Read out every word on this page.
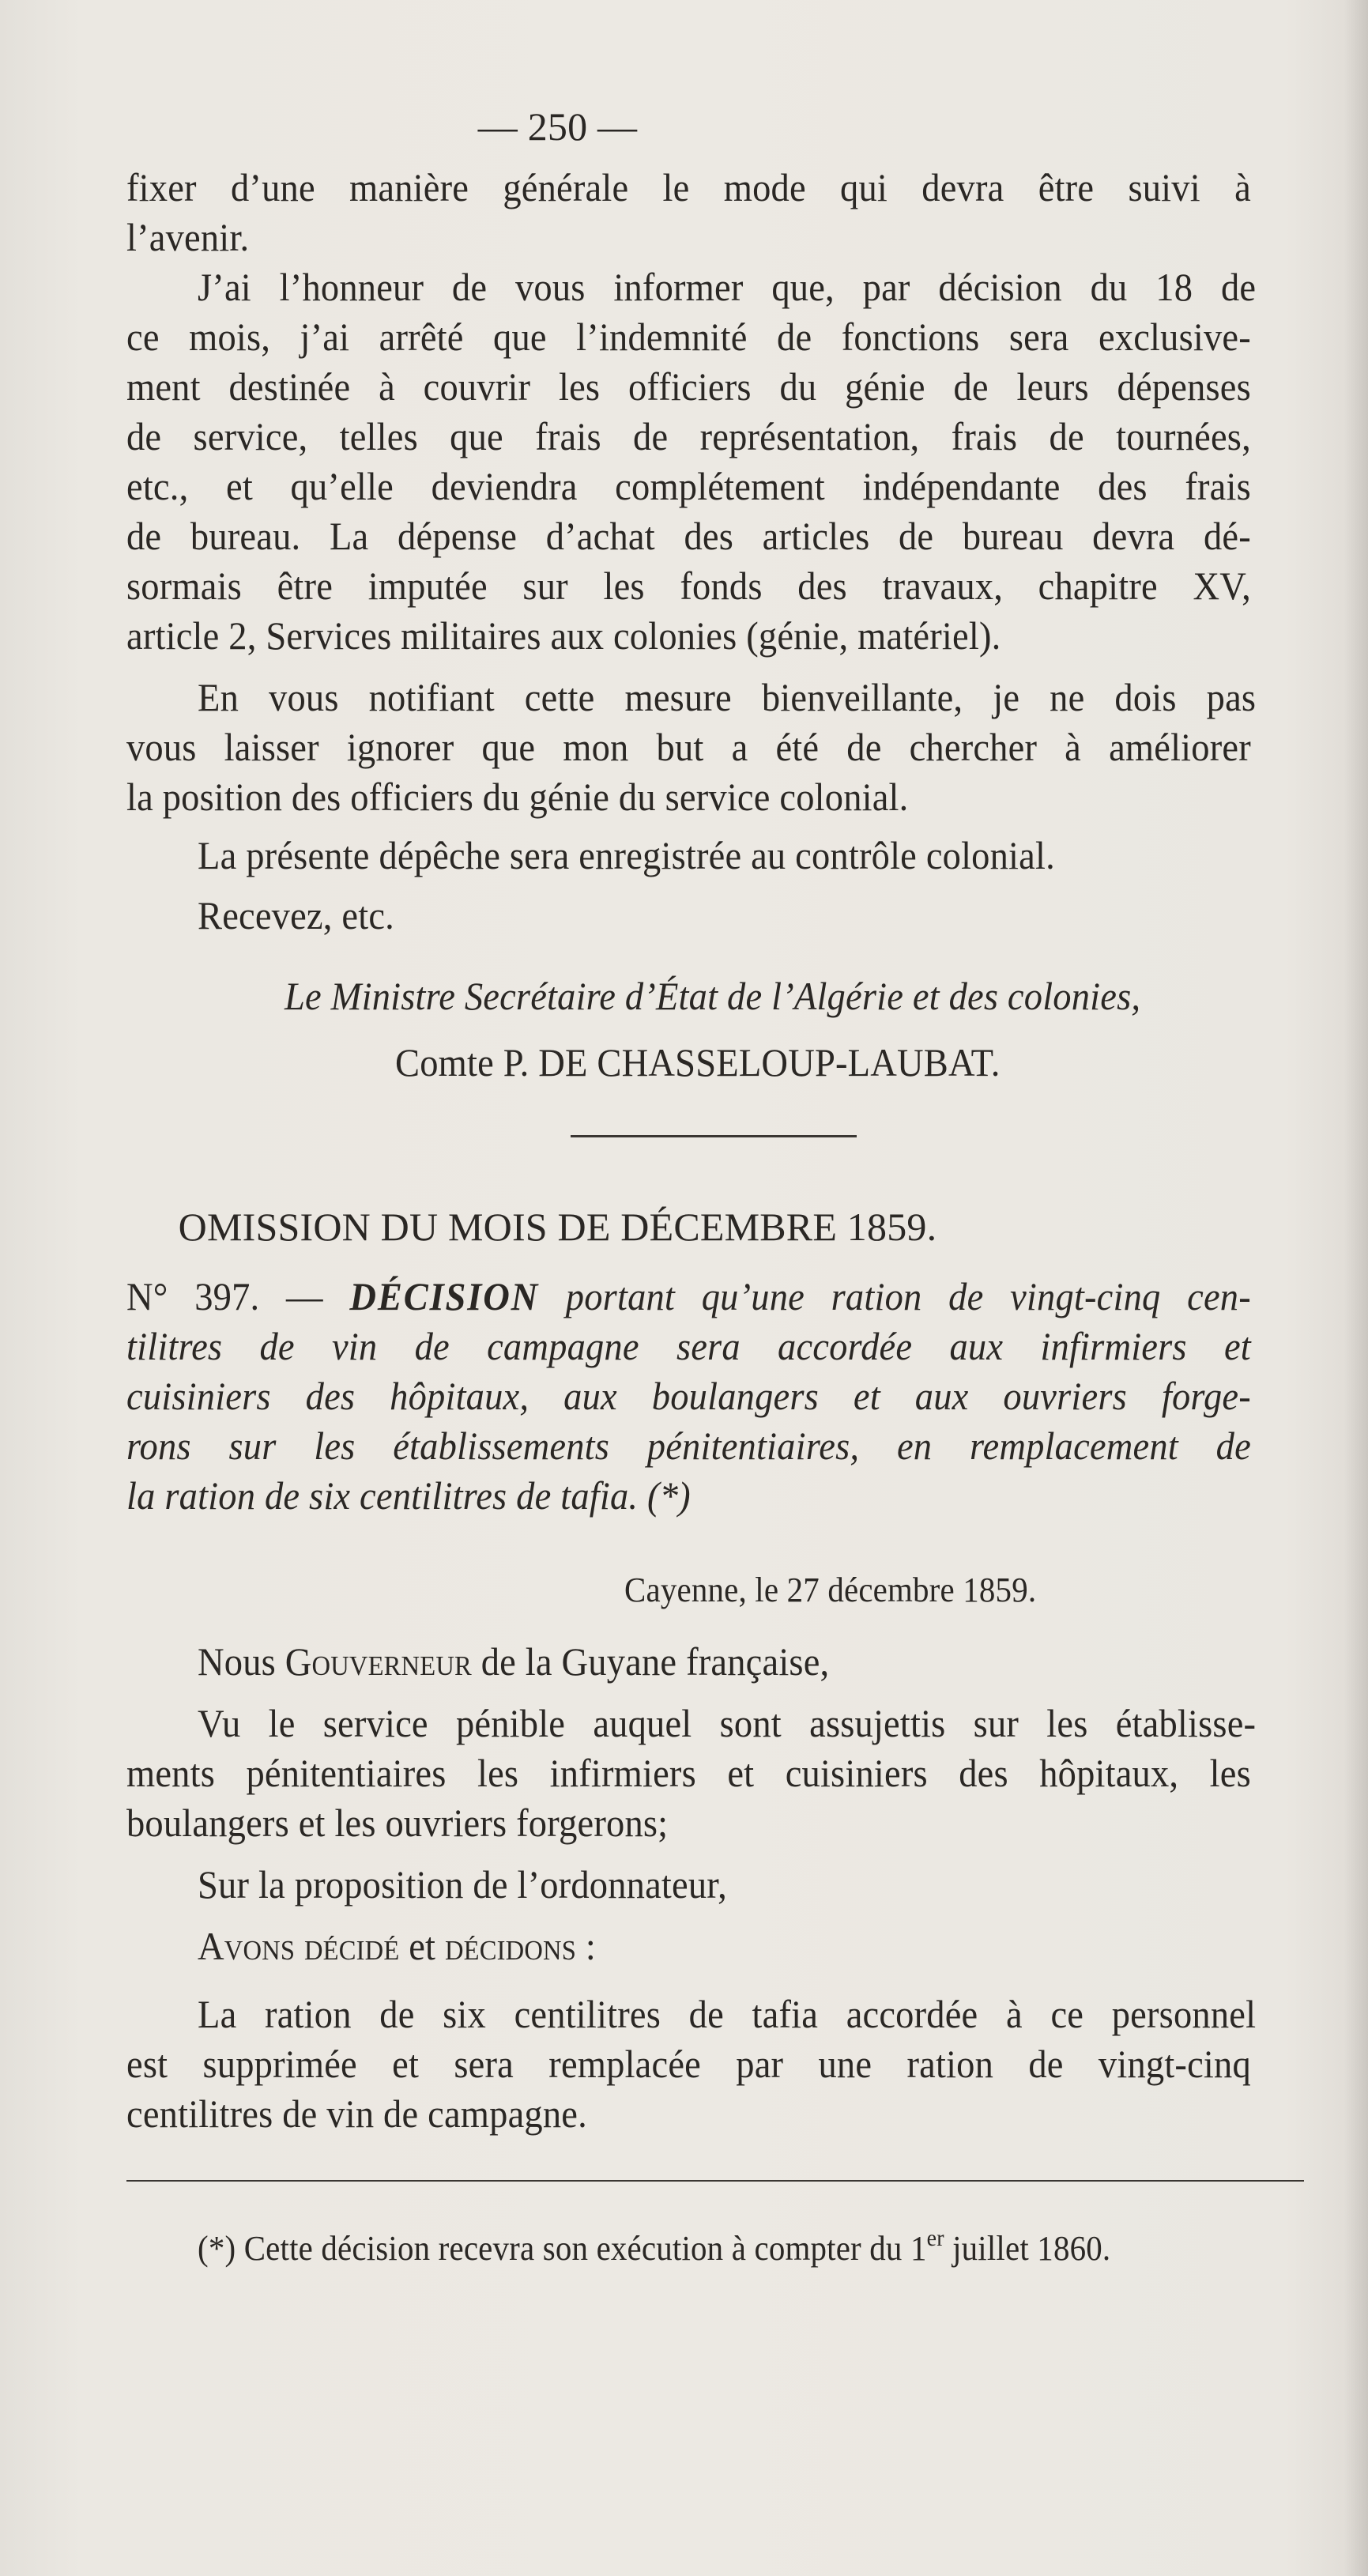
— 250 —
fixer d’une manière générale le mode qui devra être suivi à
l’avenir.
J’ai l’honneur de vous informer que, par décision du 18 de
ce mois, j’ai arrêté que l’indemnité de fonctions sera exclusive-
ment destinée à couvrir les officiers du génie de leurs dépenses
de service, telles que frais de représentation, frais de tournées,
etc., et qu’elle deviendra complétement indépendante des frais
de bureau. La dépense d’achat des articles de bureau devra dé-
sormais être imputée sur les fonds des travaux, chapitre XV,
article 2, Services militaires aux colonies (génie, matériel).
En vous notifiant cette mesure bienveillante, je ne dois pas
vous laisser ignorer que mon but a été de chercher à améliorer
la position des officiers du génie du service colonial.
La présente dépêche sera enregistrée au contrôle colonial.
Recevez, etc.
Le Ministre Secrétaire d’État de l’Algérie et des colonies,
Comte P. DE CHASSELOUP-LAUBAT.
OMISSION DU MOIS DE DÉCEMBRE 1859.
N° 397. — DÉCISION portant qu’une ration de vingt-cinq cen-
tilitres de vin de campagne sera accordée aux infirmiers et
cuisiniers des hôpitaux, aux boulangers et aux ouvriers forge-
rons sur les établissements pénitentiaires, en remplacement de
la ration de six centilitres de tafia. (*)
Cayenne, le 27 décembre 1859.
Nous Gouverneur de la Guyane française,
Vu le service pénible auquel sont assujettis sur les établisse-
ments pénitentiaires les infirmiers et cuisiniers des hôpitaux, les
boulangers et les ouvriers forgerons;
Sur la proposition de l’ordonnateur,
Avons décidé et décidons :
La ration de six centilitres de tafia accordée à ce personnel
est supprimée et sera remplacée par une ration de vingt-cinq
centilitres de vin de campagne.
(*) Cette décision recevra son exécution à compter du 1er juillet 1860.
